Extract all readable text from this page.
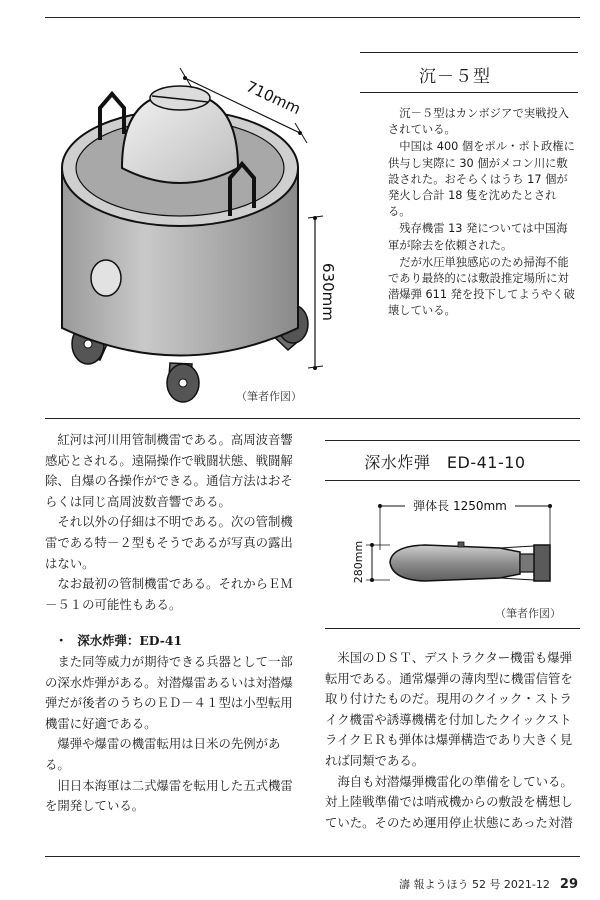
710mm
630mm
（筆者作図）
沉－５型

沉－５型はカンボジアで実戦投入されている。

中国は 400 個をポル・ポト政権に供与し実際に 30 個がメコン川に敷設された。おそらくはうち 17 個が発火し合計 18 隻を沈めたとされる。

残存機雷 13 発については中国海軍が除去を依頼された。

だが水圧単独感応のため掃海不能であり最終的には敷設推定場所に対潜爆弾 611 発を投下してようやく破壊している。

紅河は河川用管制機雷である。高周波音響感応とされる。遠隔操作で戦闘状態、戦闘解除、自爆の各操作ができる。通信方法はおそらくは同じ高周波数音響である。

それ以外の仔細は不明である。次の管制機雷である特－２型もそうであるが写真の露出はない。

なお最初の管制機雷である。それからＥＭ－５１の可能性もある。

・ 深水炸弾：ED-41

また同等威力が期待できる兵器として一部の深水炸弾がある。対潜爆雷あるいは対潜爆弾だが後者のうちのＥＤ－４１型は小型転用機雷に好適である。

爆弾や爆雷の機雷転用は日米の先例がある。

旧日本海軍は二式爆雷を転用した五式機雷を開発している。

深水炸弾　ED-41-10
弾体長 1250mm
280mm
（筆者作図）

米国のＤＳＴ、デストラクター機雷も爆弾転用である。通常爆弾の薄肉型に機雷信管を取り付けたものだ。現用のクイック・ストライク機雷や誘導機構を付加したクイックストライクＥＲも弾体は爆弾構造であり大きく見れば同類である。

海自も対潜爆弾機雷化の準備をしている。対上陸戦準備では哨戒機からの敷設を構想していた。そのため運用停止状態にあった対潜

濤 報ようほう 52 号 2021-12 29
